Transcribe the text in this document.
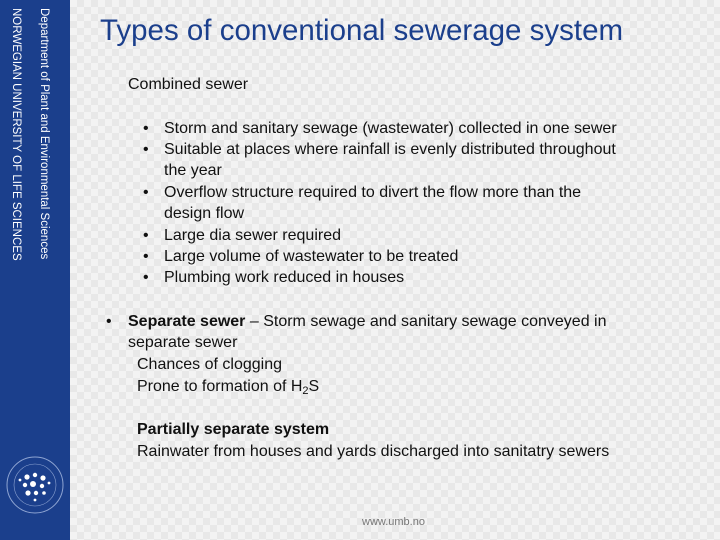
NORWEGIAN UNIVERSITY OF LIFE SCIENCES Department of Plant and Environmental Sciences Types of conventional sewerage system
Combined sewer
• Storm and sanitary sewage (wastewater) collected in one sewer
• Suitable at places where rainfall is evenly distributed throughout
the year
• Overflow structure required to divert the flow more than the
design flow
• Large dia sewer required
• Large volume of wastewater to be treated
• Plumbing work reduced in houses
• Separate sewer – Storm sewage and sanitary sewage conveyed in
separate sewer
Chances of clogging
Prone to formation of $H_2S$
Partially separate system
Rainwater from houses and yards discharged into sanitatry sewers
www.umb.no
